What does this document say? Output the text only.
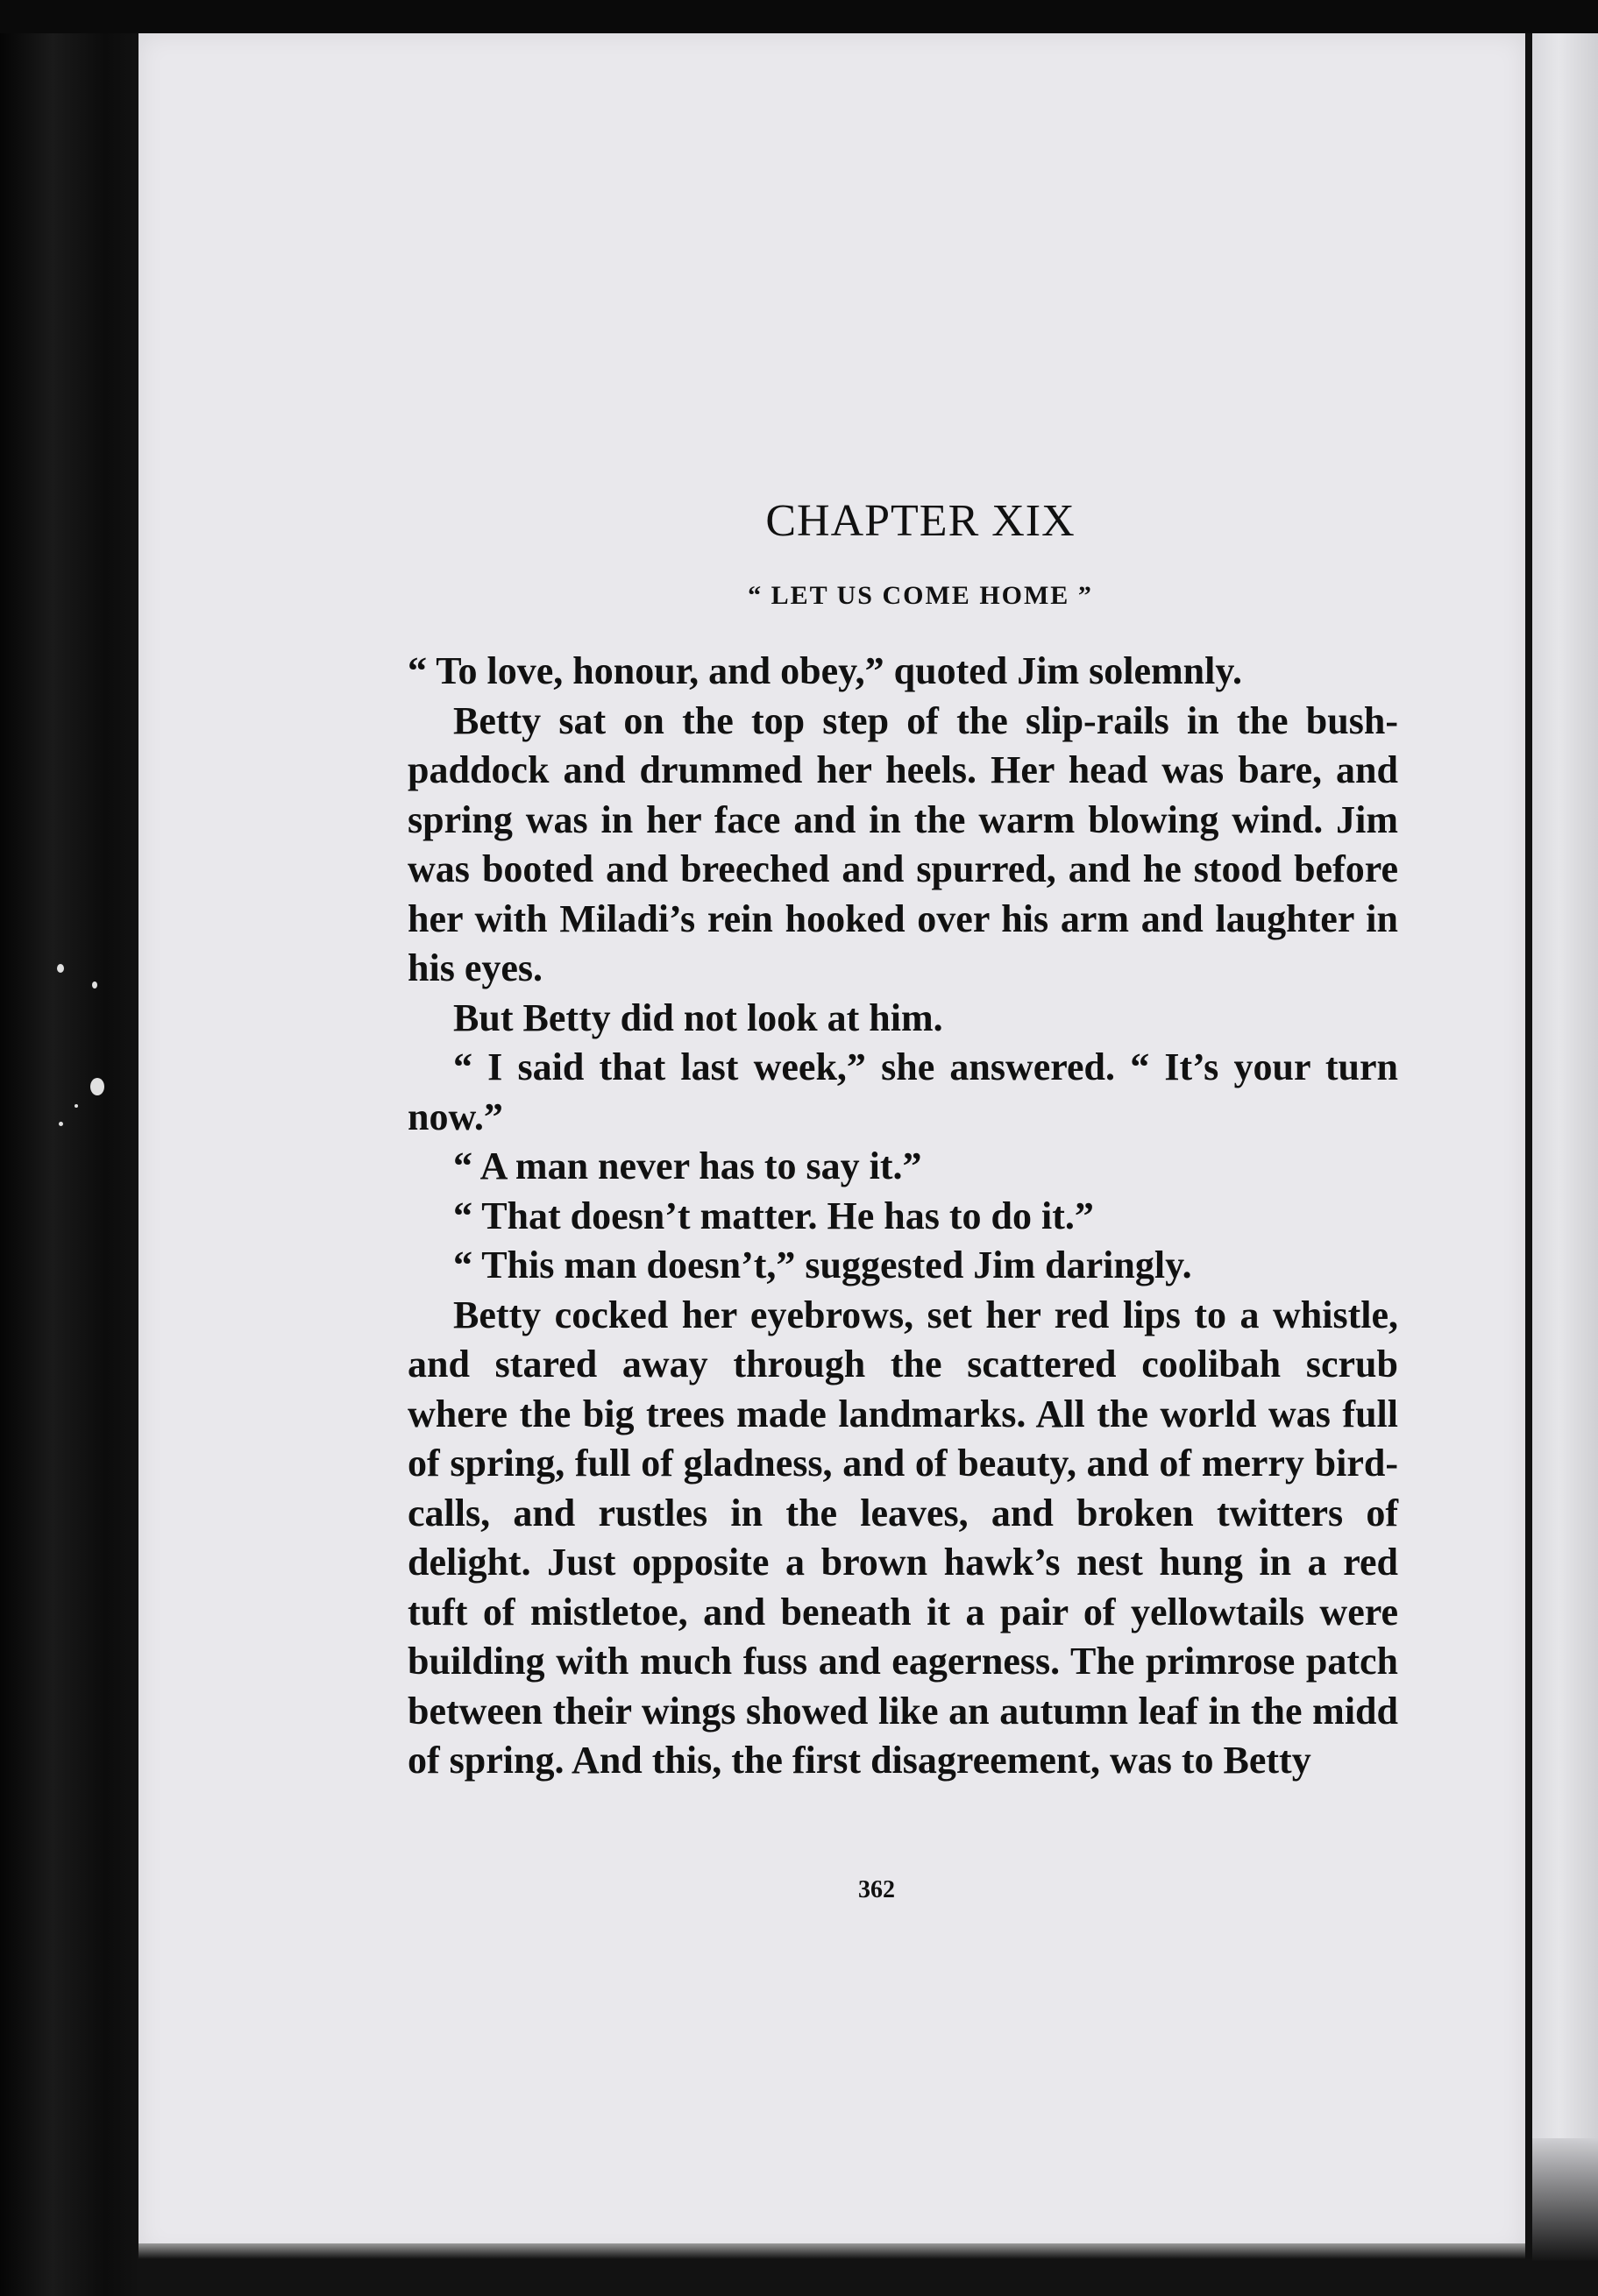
CHAPTER XIX
“ LET US COME HOME ”

“ To love, honour, and obey,” quoted Jim solemnly.

Betty sat on the top step of the slip-rails in the bush-paddock and drummed her heels. Her head was bare, and spring was in her face and in the warm blowing wind. Jim was booted and breeched and spurred, and he stood before her with Miladi’s rein hooked over his arm and laughter in his eyes.

But Betty did not look at him.

“ I said that last week,” she answered. “ It’s your turn now.”

“ A man never has to say it.”

“ That doesn’t matter. He has to do it.”

“ This man doesn’t,” suggested Jim daringly.

Betty cocked her eyebrows, set her red lips to a whistle, and stared away through the scattered coolibah scrub where the big trees made landmarks. All the world was full of spring, full of gladness, and of beauty, and of merry bird-calls, and rustles in the leaves, and broken twitters of delight. Just opposite a brown hawk’s nest hung in a red tuft of mistletoe, and beneath it a pair of yellowtails were building with much fuss and eagerness. The primrose patch between their wings showed like an autumn leaf in the midd of spring. And this, the first disagreement, was to Betty

362
